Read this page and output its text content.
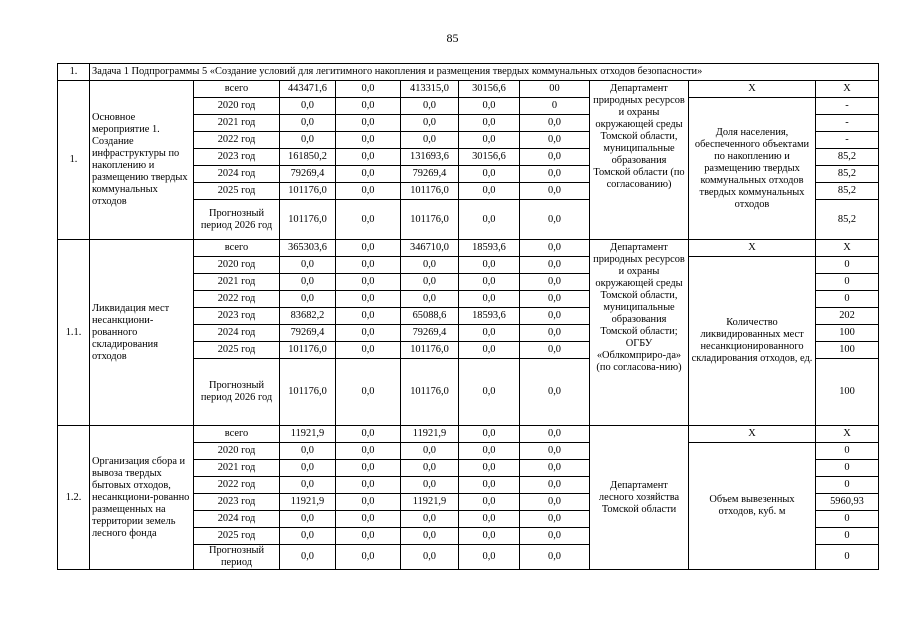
85
1.	Задача 1 Подпрограммы 5 «Создание условий для легитимного накопления и размещения твердых коммунальных отходов безопасности»									
1.	Основное мероприятие 1. Создание инфраструктуры по накоплению и размещению твердых коммунальных отходов	всего	443471,6	0,0	413315,0	30156,6	00	Департамент природных ресурсов и охраны окружающей среды Томской области, муниципальные образования Томской области (по согласованию)	Х	Х
		2020 год	0,0	0,0	0,0	0,0	0		Доля населения, обеспеченного объектами по накоплению и размещению твердых коммунальных отходов твердых коммунальных отходов	-
		2021 год	0,0	0,0	0,0	0,0	0,0			-
		2022 год	0,0	0,0	0,0	0,0	0,0			-
		2023 год	161850,2	0,0	131693,6	30156,6	0,0			85,2
		2024 год	79269,4	0,0	79269,4	0,0	0,0			85,2
		2025 год	101176,0	0,0	101176,0	0,0	0,0			85,2
		Прогнозный период 2026 год	101176,0	0,0	101176,0	0,0	0,0			85,2
1.1.	Ликвидация мест несанкциони-рованного складирования отходов	всего	365303,6	0,0	346710,0	18593,6	0,0	Департамент природных ресурсов и охраны окружающей среды Томской области, муниципальные образования Томской области; ОГБУ «Облкомприро-да» (по согласова-нию)	Х	Х
		2020 год	0,0	0,0	0,0	0,0	0,0		Количество ликвидированных мест несанкционированного складирования отходов, ед.	0
		2021 год	0,0	0,0	0,0	0,0	0,0			0
		2022 год	0,0	0,0	0,0	0,0	0,0			0
		2023 год	83682,2	0,0	65088,6	18593,6	0,0			202
		2024 год	79269,4	0,0	79269,4	0,0	0,0			100
		2025 год	101176,0	0,0	101176,0	0,0	0,0			100
		Прогнозный период 2026 год	101176,0	0,0	101176,0	0,0	0,0			100
1.2.	Организация сбора и вывоза твердых бытовых отходов, несанкциони-рованно размещенных на территории земель лесного фонда	всего	11921,9	0,0	11921,9	0,0	0,0	Департамент лесного хозяйства Томской области	Х	Х
		2020 год	0,0	0,0	0,0	0,0	0,0		Объем вывезенных отходов, куб. м	0
		2021 год	0,0	0,0	0,0	0,0	0,0			0
		2022 год	0,0	0,0	0,0	0,0	0,0			0
		2023 год	11921,9	0,0	11921,9	0,0	0,0			5960,93
		2024 год	0,0	0,0	0,0	0,0	0,0			0
		2025 год	0,0	0,0	0,0	0,0	0,0			0
		Прогнозный период	0,0	0,0	0,0	0,0	0,0			0
